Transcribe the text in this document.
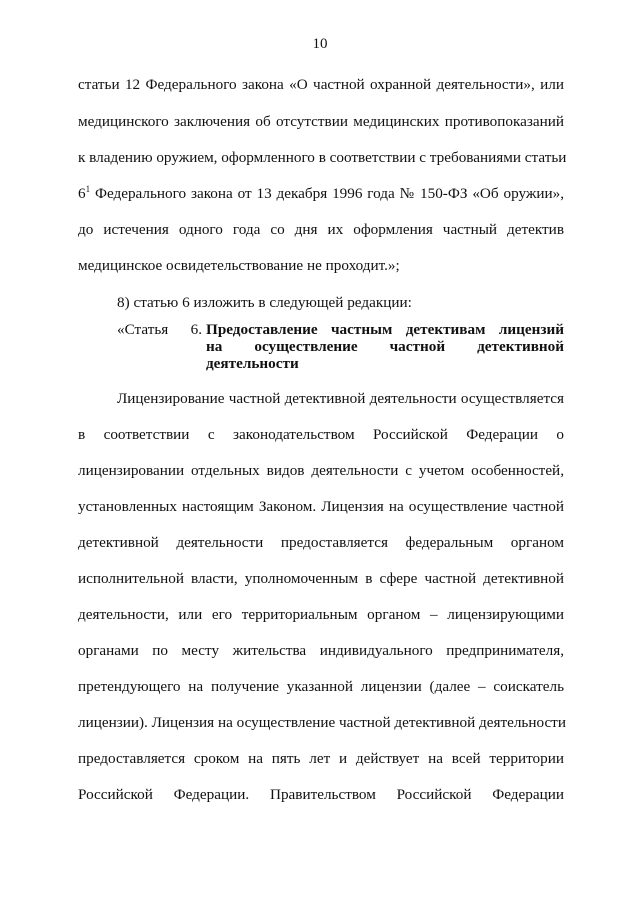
10
статьи 12 Федерального закона «О частной охранной деятельности», или
медицинского заключения об отсутствии медицинских противопоказаний
к владению оружием, оформленного в соответствии с требованиями статьи
$6^1$ Федерального закона от 13 декабря 1996 года № 150-ФЗ «Об оружии»,
до истечения одного года со дня их оформления частный детектив
медицинское освидетельствование не проходит.»;
8) статью 6 изложить в следующей редакции:
«Статья 6. Предоставление частным детективам лицензий
на осуществление частной детективной
деятельности
Лицензирование частной детективной деятельности осуществляется
в соответствии с законодательством Российской Федерации о
лицензировании отдельных видов деятельности с учетом особенностей,
установленных настоящим Законом. Лицензия на осуществление частной
детективной деятельности предоставляется федеральным органом
исполнительной власти, уполномоченным в сфере частной детективной
деятельности, или его территориальным органом – лицензирующими
органами по месту жительства индивидуального предпринимателя,
претендующего на получение указанной лицензии (далее – соискатель
лицензии). Лицензия на осуществление частной детективной деятельности
предоставляется сроком на пять лет и действует на всей территории
Российской Федерации. Правительством Российской Федерации
